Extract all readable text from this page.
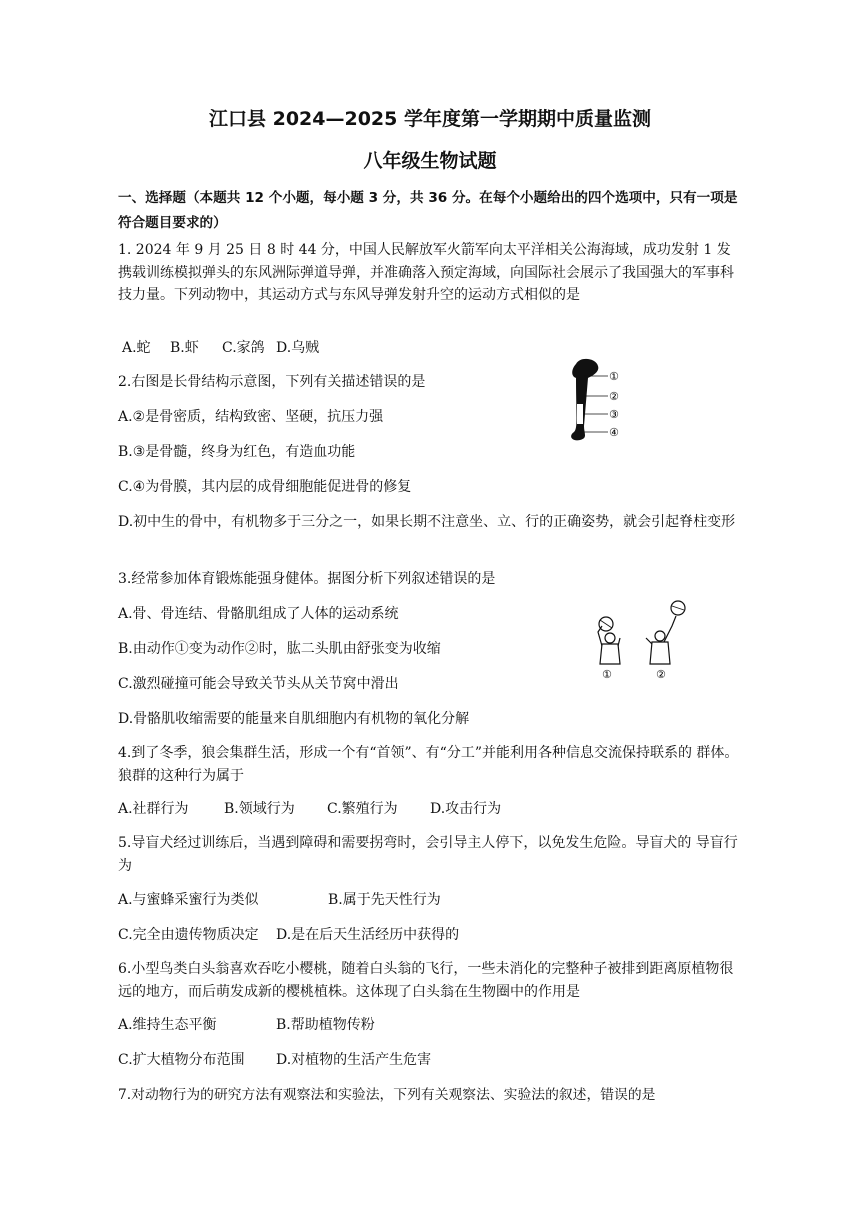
江口县 2024—2025 学年度第一学期期中质量监测
八年级生物试题
一、选择题（本题共 12 个小题，每小题 3 分，共 36 分。在每个小题给出的四个选项中，只有一项是符合题目要求的）
1. 2024 年 9 月 25 日 8 时 44 分，中国人民解放军火箭军向太平洋相关公海海域，成功发射 1 发携载训练模拟弹头的东风洲际弹道导弹，并准确落入预定海域，向国际社会展示了我国强大的军事科技力量。下列动物中，其运动方式与东风导弹发射升空的运动方式相似的是
A.蛇 B.虾 C.家鸽 D.乌贼
2.右图是长骨结构示意图，下列有关描述错误的是
A.②是骨密质，结构致密、坚硬，抗压力强
B.③是骨髓，终身为红色，有造血功能
C.④为骨膜，其内层的成骨细胞能促进骨的修复
D.初中生的骨中，有机物多于三分之一，如果长期不注意坐、立、行的正确姿势，就会引起脊柱变形
①
②
③
④
3.经常参加体育锻炼能强身健体。据图分析下列叙述错误的是
A.骨、骨连结、骨骼肌组成了人体的运动系统
B.由动作①变为动作②时，肱二头肌由舒张变为收缩
C.激烈碰撞可能会导致关节头从关节窝中滑出
D.骨骼肌收缩需要的能量来自肌细胞内有机物的氧化分解
①	②
4.到了冬季，狼会集群生活，形成一个有“首领”、有“分工”并能利用各种信息交流保持联系的 群体。狼群的这种行为属于
A.社群行为	B.领域行为 C.繁殖行为 D.攻击行为
5.导盲犬经过训练后，当遇到障碍和需要拐弯时，会引导主人停下，以免发生危险。导盲犬的 导盲行为
A.与蜜蜂采蜜行为类似	B.属于先天性行为
C.完全由遗传物质决定 D.是在后天生活经历中获得的
6.小型鸟类白头翁喜欢吞吃小樱桃，随着白头翁的飞行，一些未消化的完整种子被排到距离原植物很远的地方，而后萌发成新的樱桃植株。这体现了白头翁在生物圈中的作用是
A.维持生态平衡	B.帮助植物传粉
C.扩大植物分布范围 D.对植物的生活产生危害
7.对动物行为的研究方法有观察法和实验法，下列有关观察法、实验法的叙述，错误的是
